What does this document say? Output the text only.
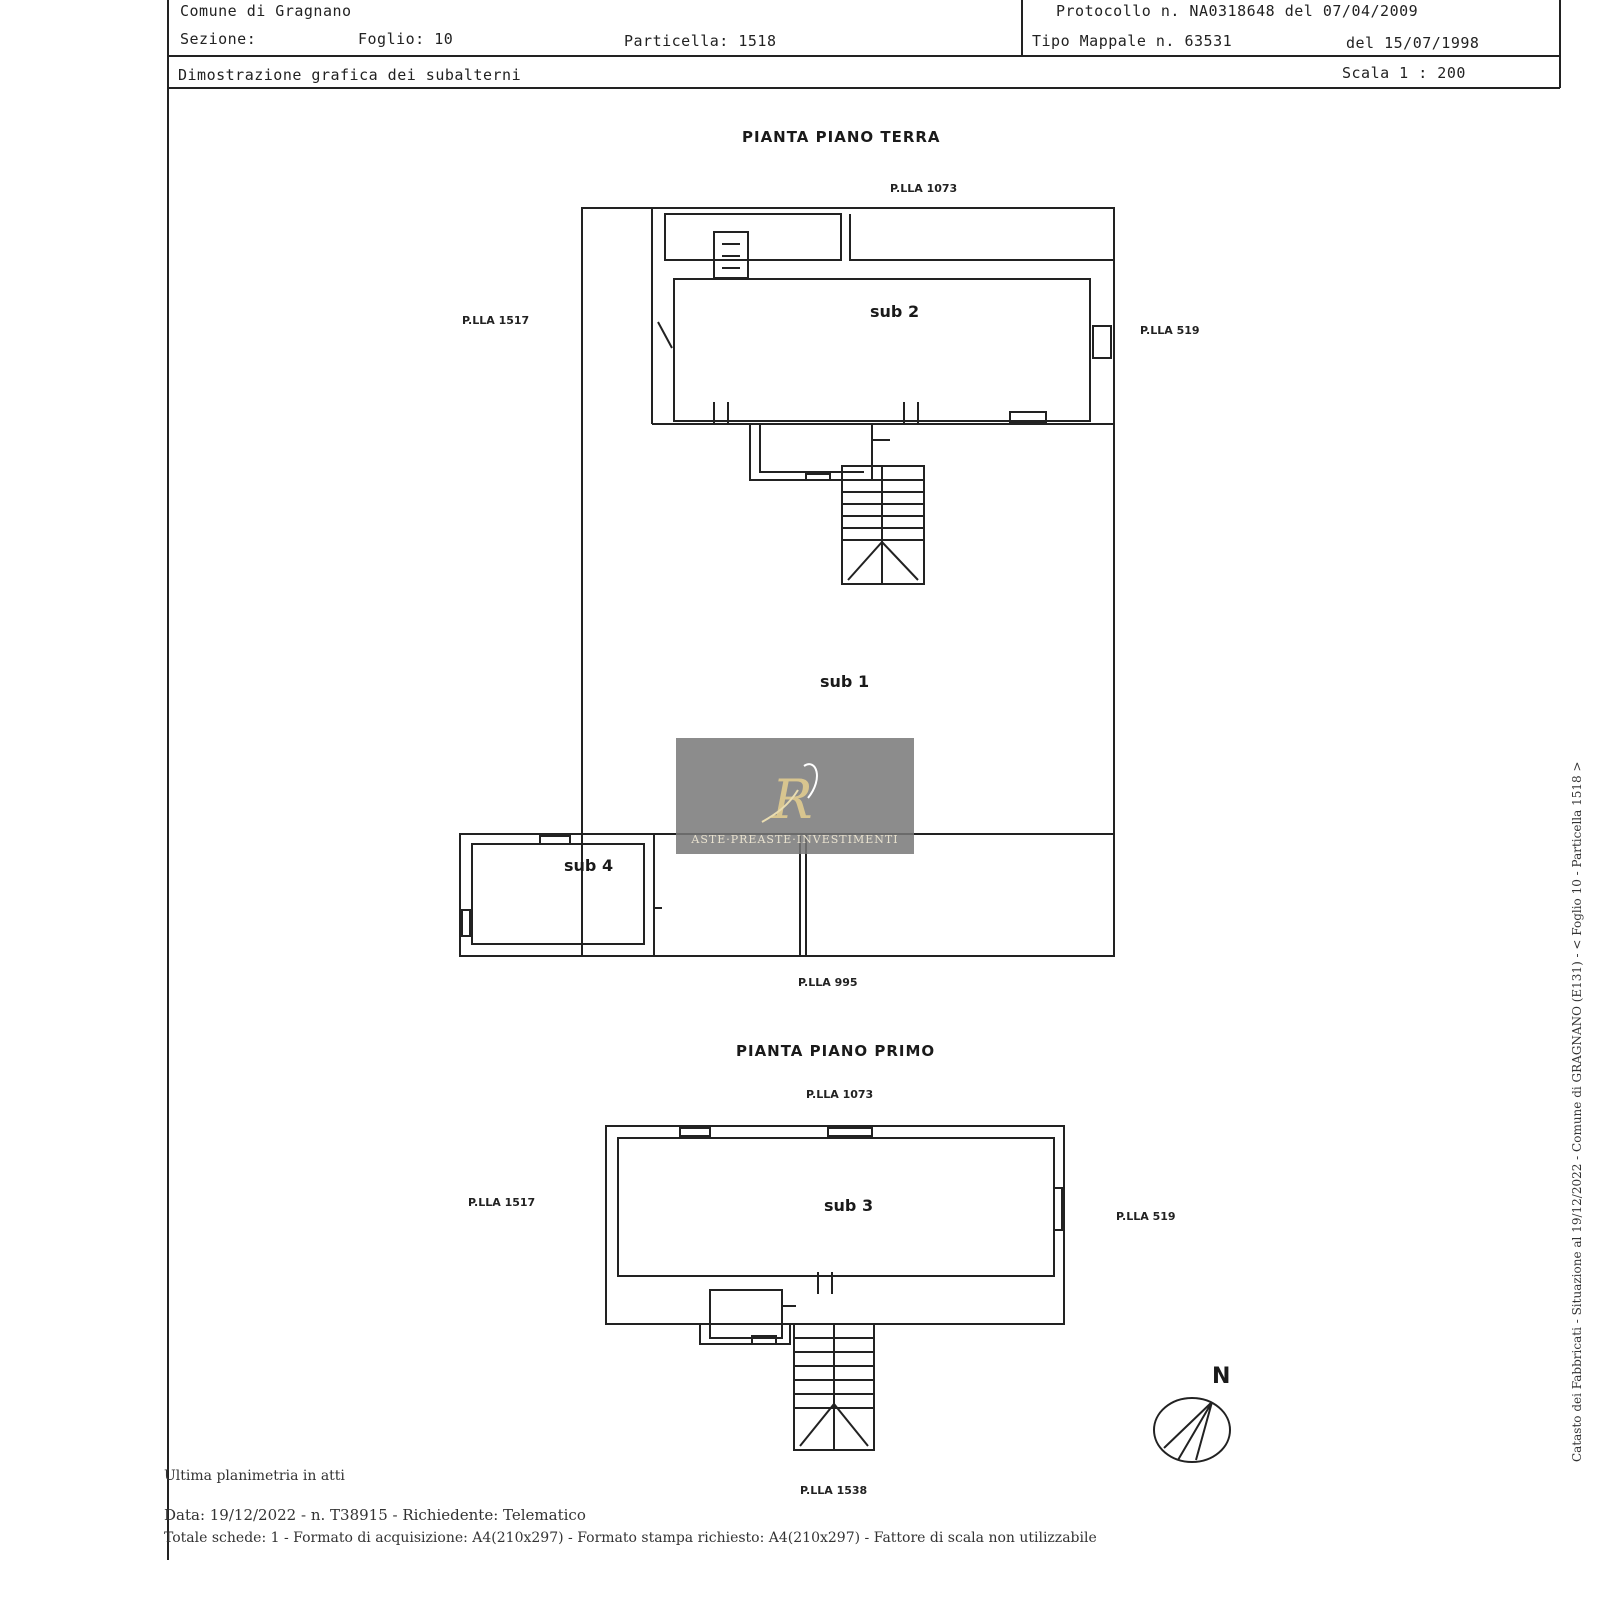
Comune di Gragnano
Sezione:	Foglio: 10	Particella: 1518
Protocollo n. NA0318648 del 07/04/2009
Tipo Mappale n. 63531	del 15/07/1998
Dimostrazione grafica dei subalterni	Scala 1 : 200
PIANTA PIANO TERRA
P.LLA 1073
P.LLA 1517
P.LLA 519
P.LLA 995
sub 2
sub 1
sub 4
PIANTA PIANO PRIMO
P.LLA 1073
P.LLA 1517
P.LLA 519
P.LLA 1538
sub 3
N
Ultima planimetria in atti
Data: 19/12/2022 - n. T38915 - Richiedente: Telematico
Totale schede: 1 - Formato di acquisizione: A4(210x297) - Formato stampa richiesto: A4(210x297) - Fattore di scala non utilizzabile
Catasto dei Fabbricati - Situazione al 19/12/2022 - Comune di GRAGNANO (E131) - < Foglio 10 - Particella 1518 >
R
ASTE·PREASTE·INVESTIMENTI
